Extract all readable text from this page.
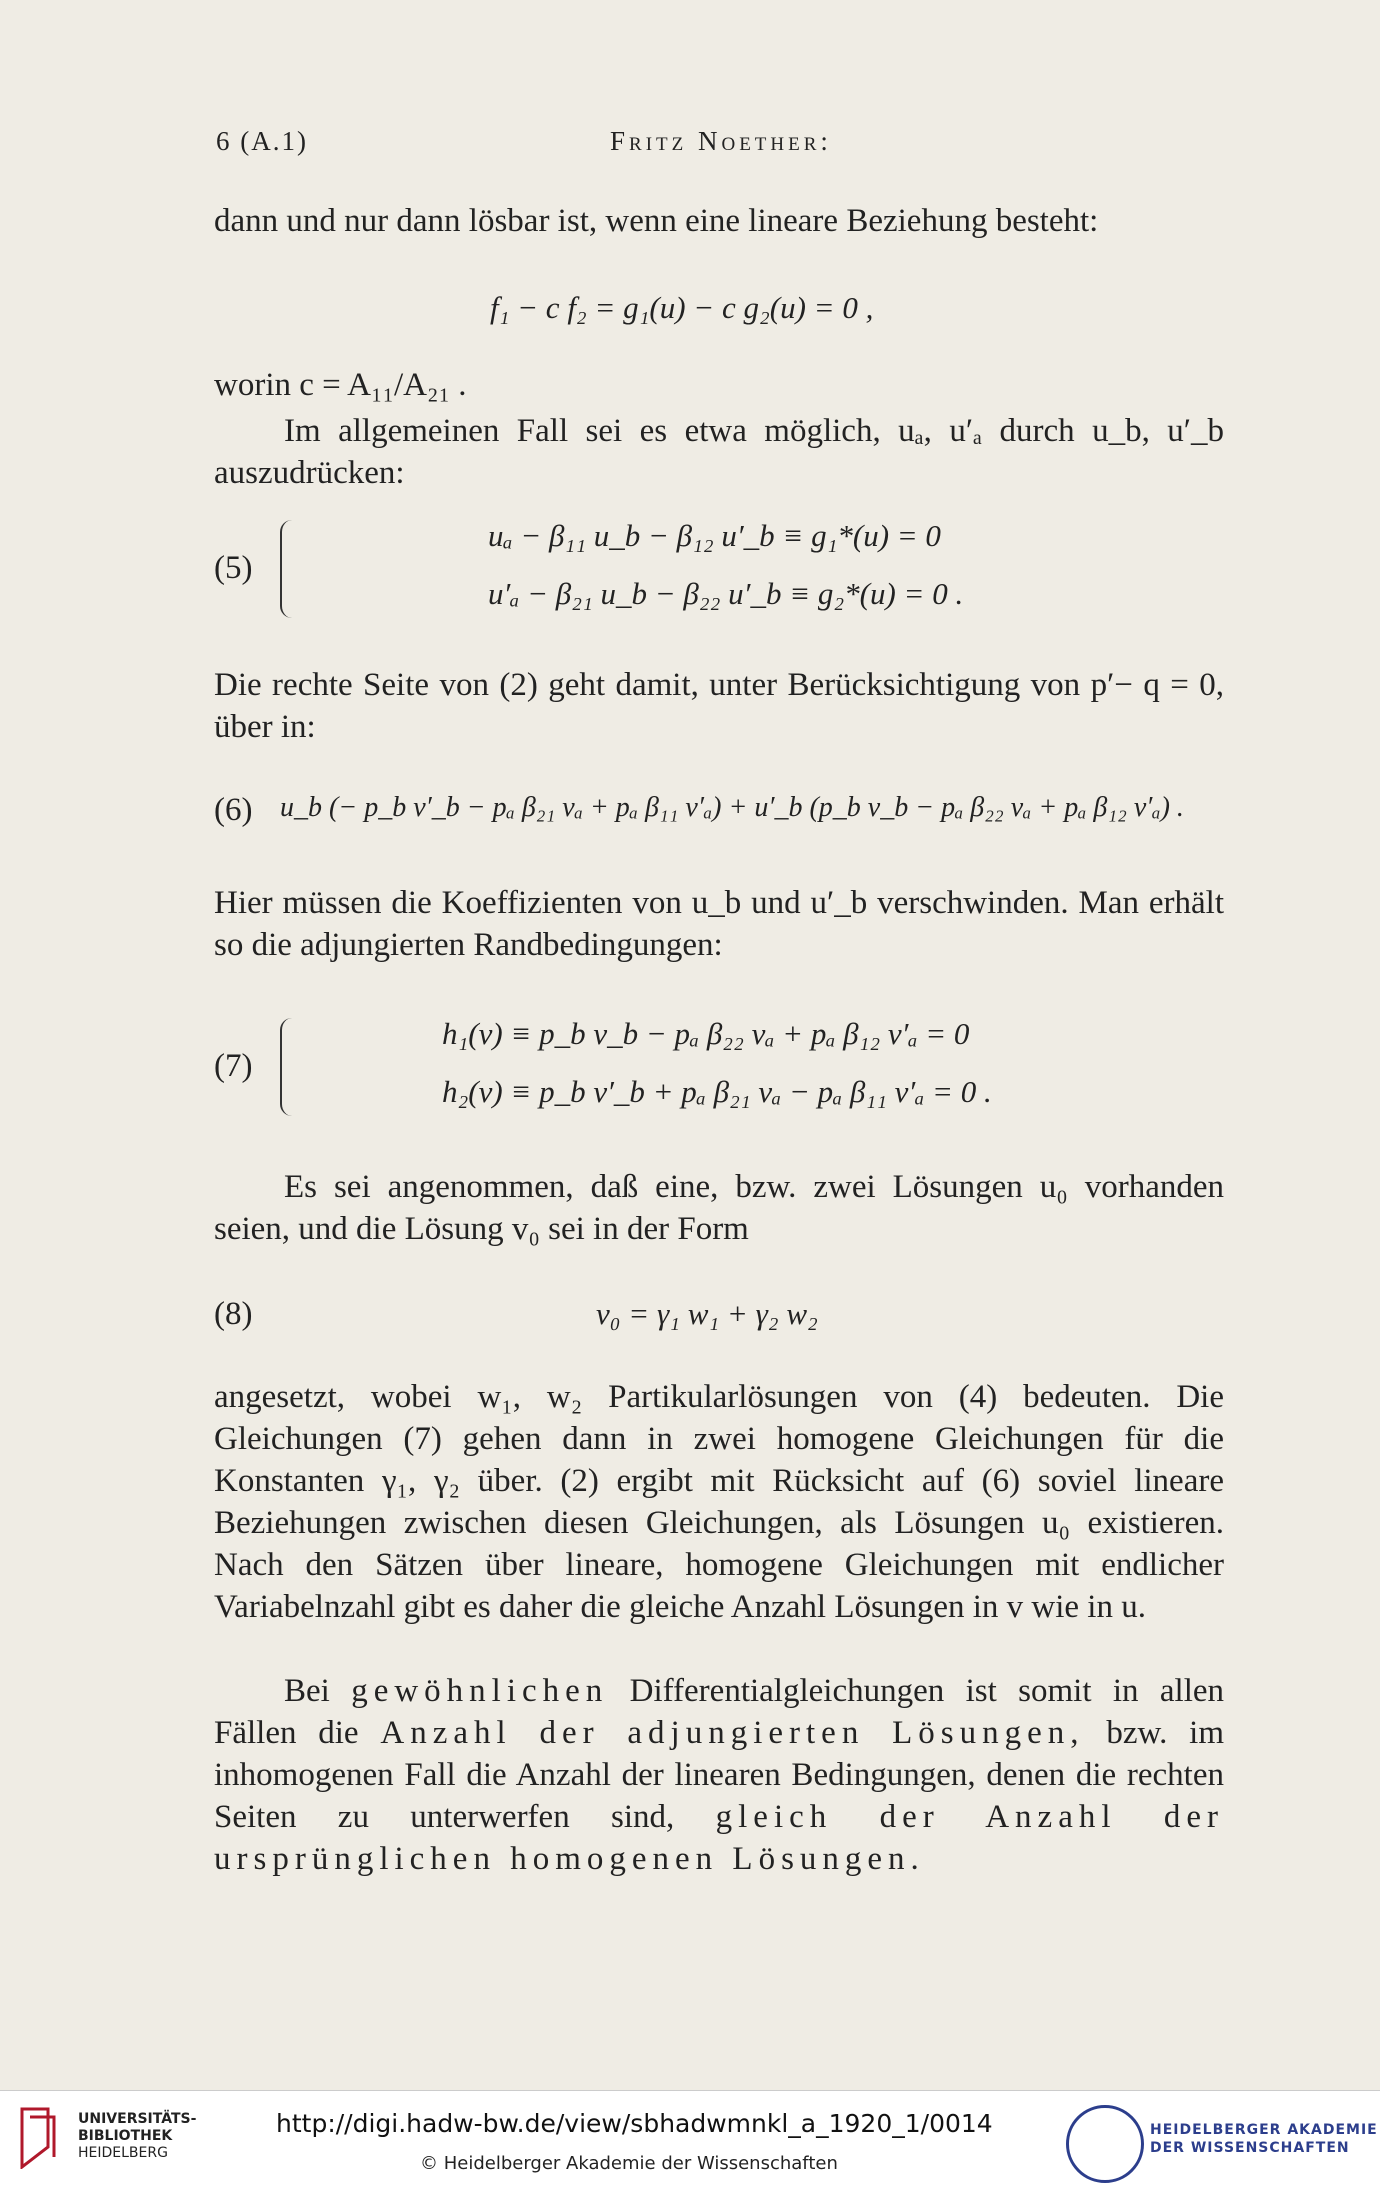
6 (A.1)	Fritz Noether:
dann und nur dann lösbar ist, wenn eine lineare Beziehung besteht:
f₁ − c f₂ = g₁(u) − c g₂(u) = 0 ,
worin c = A₁₁/A₂₁ .
Im allgemeinen Fall sei es etwa möglich, uₐ, u′ₐ durch u_b, u′_b auszudrücken:
(5)
uₐ − β₁₁ u_b − β₁₂ u′_b ≡ g₁*(u) = 0
u′ₐ − β₂₁ u_b − β₂₂ u′_b ≡ g₂*(u) = 0 .
Die rechte Seite von (2) geht damit, unter Berücksichtigung von p′− q = 0, über in:
(6) u_b (− p_b v′_b − pₐ β₂₁ vₐ + pₐ β₁₁ v′ₐ) + u′_b (p_b v_b − pₐ β₂₂ vₐ + pₐ β₁₂ v′ₐ) .
Hier müssen die Koeffizienten von u_b und u′_b verschwinden. Man erhält so die adjungierten Randbedingungen:
(7)
h₁(v) ≡ p_b v_b − pₐ β₂₂ vₐ + pₐ β₁₂ v′ₐ = 0
h₂(v) ≡ p_b v′_b + pₐ β₂₁ vₐ − pₐ β₁₁ v′ₐ = 0 .
Es sei angenommen, daß eine, bzw. zwei Lösungen u₀ vorhanden seien, und die Lösung v₀ sei in der Form
(8)	v₀ = γ₁ w₁ + γ₂ w₂
angesetzt, wobei w₁, w₂ Partikularlösungen von (4) bedeuten. Die Gleichungen (7) gehen dann in zwei homogene Gleichungen für die Konstanten γ₁, γ₂ über. (2) ergibt mit Rücksicht auf (6) soviel lineare Beziehungen zwischen diesen Gleichungen, als Lösungen u₀ existieren. Nach den Sätzen über lineare, homogene Gleichungen mit endlicher Variabelnzahl gibt es daher die gleiche Anzahl Lösungen in v wie in u.
Bei gewöhnlichen Differentialgleichungen ist somit in allen Fällen die Anzahl der adjungierten Lösungen, bzw. im inhomogenen Fall die Anzahl der linearen Bedingungen, denen die rechten Seiten zu unterwerfen sind, gleich der Anzahl der ursprünglichen homogenen Lösungen.
UNIVERSITÄTS-
BIBLIOTHEK
HEIDELBERG
http://digi.hadw-bw.de/view/sbhadwmnkl_a_1920_1/0014
© Heidelberger Akademie der Wissenschaften
HEIDELBERGER AKADEMIE
DER WISSENSCHAFTEN
